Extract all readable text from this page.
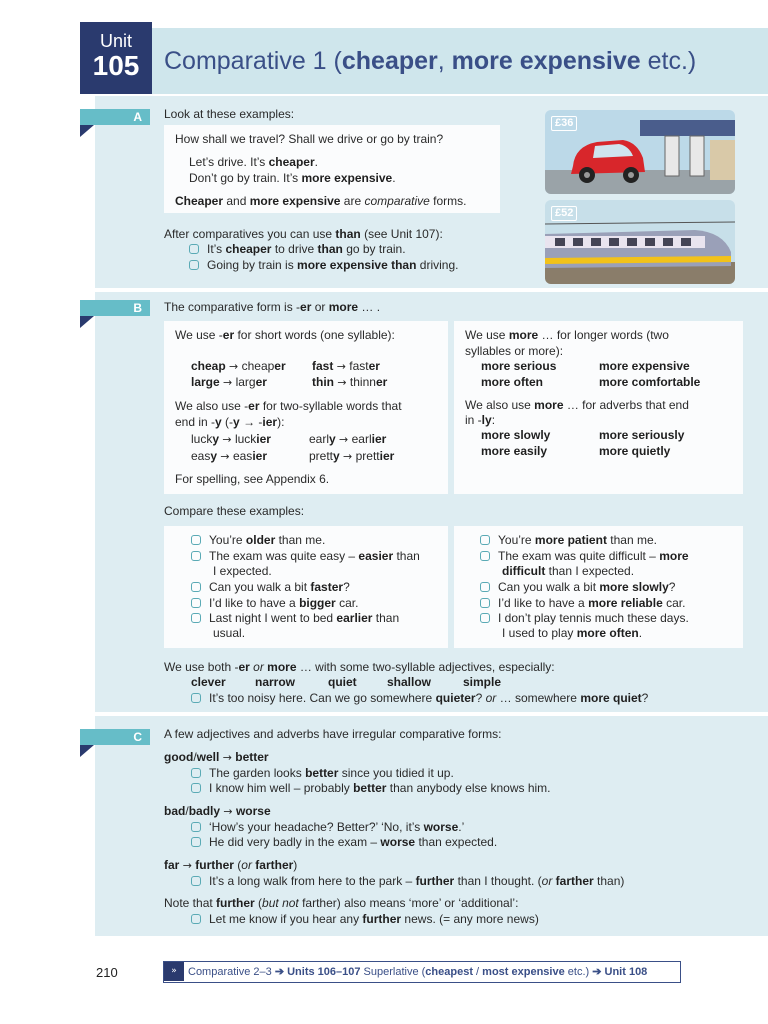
Unit
105 Comparative 1 (cheaper, more expensive etc.)
A	Look at these examples:
How shall we travel? Shall we drive or go by train?
Let’s drive. It’s cheaper.
Don’t go by train. It’s more expensive.
Cheaper and more expensive are comparative forms.
After comparatives you can use than (see Unit 107):
It’s cheaper to drive than go by train.
Going by train is more expensive than driving.
£36
£52
B	The comparative form is -er or more … .
We use -er for short words (one syllable):
cheap → cheaper fast → faster
large → larger	thin → thinner
We also use -er for two-syllable words that
end in -y (-y → -ier):
lucky → luckier	early → earlier
easy → easier	pretty → prettier
For spelling, see Appendix 6.
We use more … for longer words (two
syllables or more):
more serious	more expensive
more often	more comfortable
We also use more … for adverbs that end
in -ly:
more slowly	more seriously
more easily	more quietly
Compare these examples:
You’re older than me.
The exam was quite easy – easier than
I expected.
Can you walk a bit faster?
I’d like to have a bigger car.
Last night I went to bed earlier than
usual.
You’re more patient than me.
The exam was quite difficult – more
difficult than I expected.
Can you walk a bit more slowly?
I’d like to have a more reliable car.
I don’t play tennis much these days.
I used to play more often.
We use both -er or more … with some two-syllable adjectives, especially:
clever narrow	quiet	shallow	simple
It’s too noisy here. Can we go somewhere quieter? or … somewhere more quiet?
C	A few adjectives and adverbs have irregular comparative forms:
good/well → better
The garden looks better since you tidied it up.
I know him well – probably better than anybody else knows him.
bad/badly → worse
‘How’s your headache? Better?’ ‘No, it’s worse.’
He did very badly in the exam – worse than expected.
far → further (or farther)
It’s a long walk from here to the park – further than I thought. (or farther than)
Note that further (but not farther) also means ‘more’ or ‘additional’:
Let me know if you hear any further news. (= any more news)
210	»	Comparative 2–3 ➔ Units 106–107 Superlative (cheapest / most expensive etc.) ➔ Unit 108
